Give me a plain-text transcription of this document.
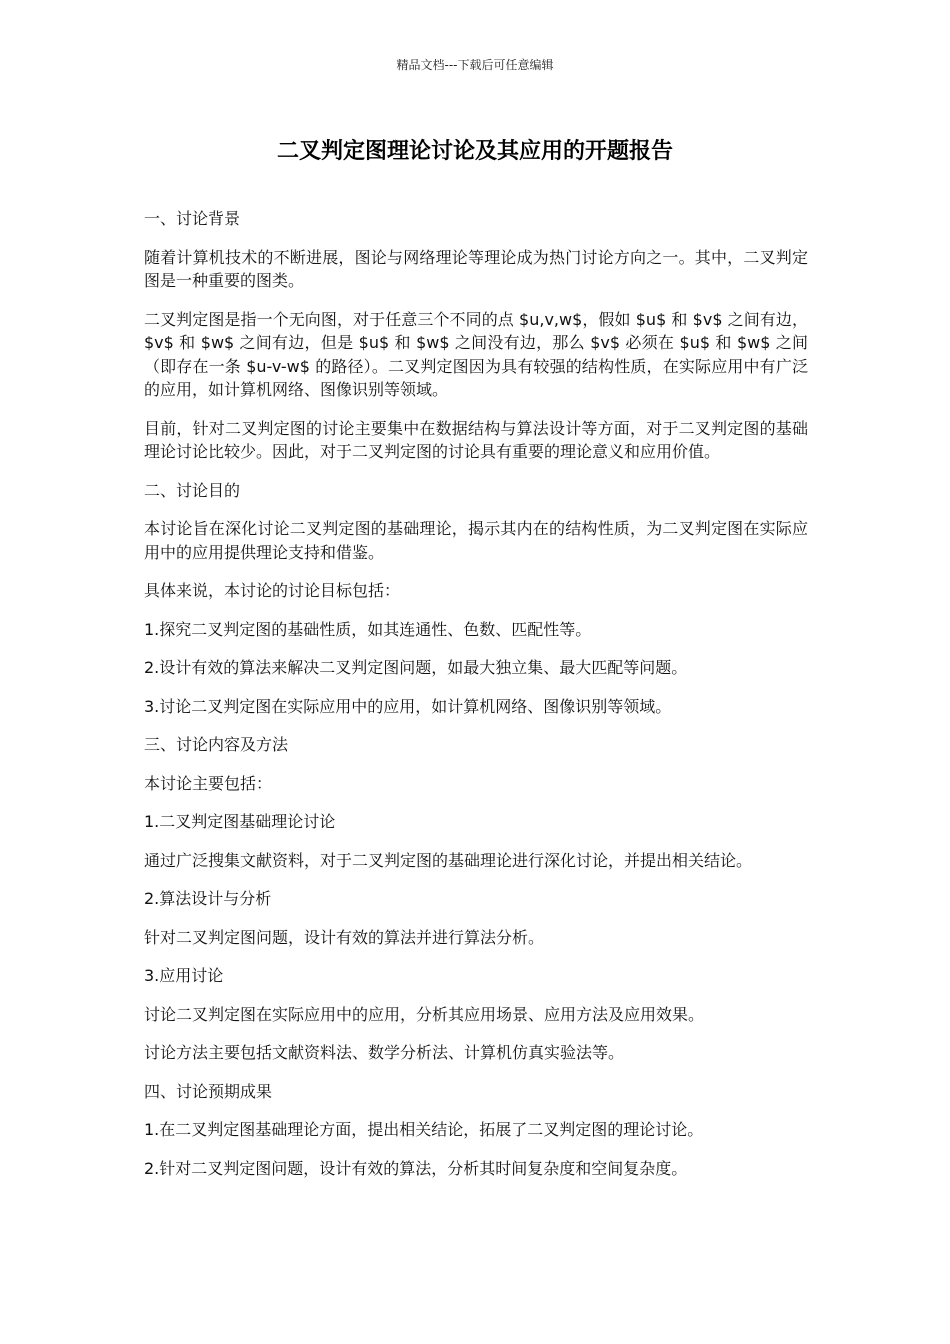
精品文档---下载后可任意编辑
二叉判定图理论讨论及其应用的开题报告

一、讨论背景

随着计算机技术的不断进展，图论与网络理论等理论成为热门讨论方向之一。其中，二叉判定图是一种重要的图类。

二叉判定图是指一个无向图，对于任意三个不同的点 $u,v,w$，假如 $u$ 和 $v$ 之间有边，$v$ 和 $w$ 之间有边，但是 $u$ 和 $w$ 之间没有边，那么 $v$ 必须在 $u$ 和 $w$ 之间（即存在一条 $u-v-w$ 的路径）。二叉判定图因为具有较强的结构性质，在实际应用中有广泛的应用，如计算机网络、图像识别等领域。

目前，针对二叉判定图的讨论主要集中在数据结构与算法设计等方面，对于二叉判定图的基础理论讨论比较少。因此，对于二叉判定图的讨论具有重要的理论意义和应用价值。

二、讨论目的

本讨论旨在深化讨论二叉判定图的基础理论，揭示其内在的结构性质，为二叉判定图在实际应用中的应用提供理论支持和借鉴。

具体来说，本讨论的讨论目标包括：

1.探究二叉判定图的基础性质，如其连通性、色数、匹配性等。

2.设计有效的算法来解决二叉判定图问题，如最大独立集、最大匹配等问题。

3.讨论二叉判定图在实际应用中的应用，如计算机网络、图像识别等领域。

三、讨论内容及方法

本讨论主要包括：

1.二叉判定图基础理论讨论

通过广泛搜集文献资料，对于二叉判定图的基础理论进行深化讨论，并提出相关结论。

2.算法设计与分析

针对二叉判定图问题，设计有效的算法并进行算法分析。

3.应用讨论

讨论二叉判定图在实际应用中的应用，分析其应用场景、应用方法及应用效果。

讨论方法主要包括文献资料法、数学分析法、计算机仿真实验法等。

四、讨论预期成果

1.在二叉判定图基础理论方面，提出相关结论，拓展了二叉判定图的理论讨论。

2.针对二叉判定图问题，设计有效的算法，分析其时间复杂度和空间复杂度。
